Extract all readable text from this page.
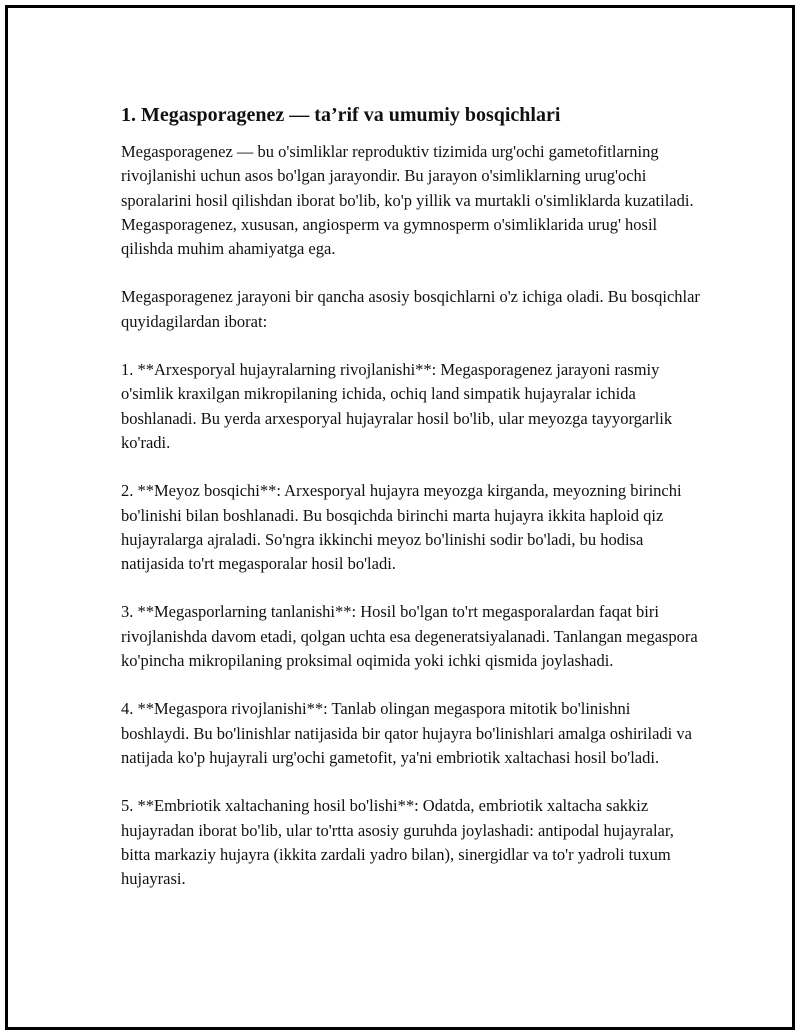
1. Megasporagenez — ta’rif va umumiy bosqichlari

Megasporagenez — bu o'simliklar reproduktiv tizimida urg'ochi gametofitlarning rivojlanishi uchun asos bo'lgan jarayondir. Bu jarayon o'simliklarning urug'ochi sporalarini hosil qilishdan iborat bo'lib, ko'p yillik va murtakli o'simliklarda kuzatiladi. Megasporagenez, xususan, angiosperm va gymnosperm o'simliklarida urug' hosil qilishda muhim ahamiyatga ega.

Megasporagenez jarayoni bir qancha asosiy bosqichlarni o'z ichiga oladi. Bu bosqichlar quyidagilardan iborat:

1. **Arxesporyal hujayralarning rivojlanishi**: Megasporagenez jarayoni rasmiy o'simlik kraxilgan mikropilaning ichida, ochiq land simpatik hujayralar ichida boshlanadi. Bu yerda arxesporyal hujayralar hosil bo'lib, ular meyozga tayyorgarlik ko'radi.

2. **Meyoz bosqichi**: Arxesporyal hujayra meyozga kirganda, meyozning birinchi bo'linishi bilan boshlanadi. Bu bosqichda birinchi marta hujayra ikkita haploid qiz hujayralarga ajraladi. So'ngra ikkinchi meyoz bo'linishi sodir bo'ladi, bu hodisa natijasida to'rt megasporalar hosil bo'ladi.

3. **Megasporlarning tanlanishi**: Hosil bo'lgan to'rt megasporalardan faqat biri rivojlanishda davom etadi, qolgan uchta esa degeneratsiyalanadi. Tanlangan megaspora ko'pincha mikropilaning proksimal oqimida yoki ichki qismida joylashadi.

4. **Megaspora rivojlanishi**: Tanlab olingan megaspora mitotik bo'linishni boshlaydi. Bu bo'linishlar natijasida bir qator hujayra bo'linishlari amalga oshiriladi va natijada ko'p hujayrali urg'ochi gametofit, ya'ni embriotik xaltachasi hosil bo'ladi.

5. **Embriotik xaltachaning hosil bo'lishi**: Odatda, embriotik xaltacha sakkiz hujayradan iborat bo'lib, ular to'rtta asosiy guruhda joylashadi: antipodal hujayralar, bitta markaziy hujayra (ikkita zardali yadro bilan), sinergidlar va to'r yadroli tuxum hujayrasi.
